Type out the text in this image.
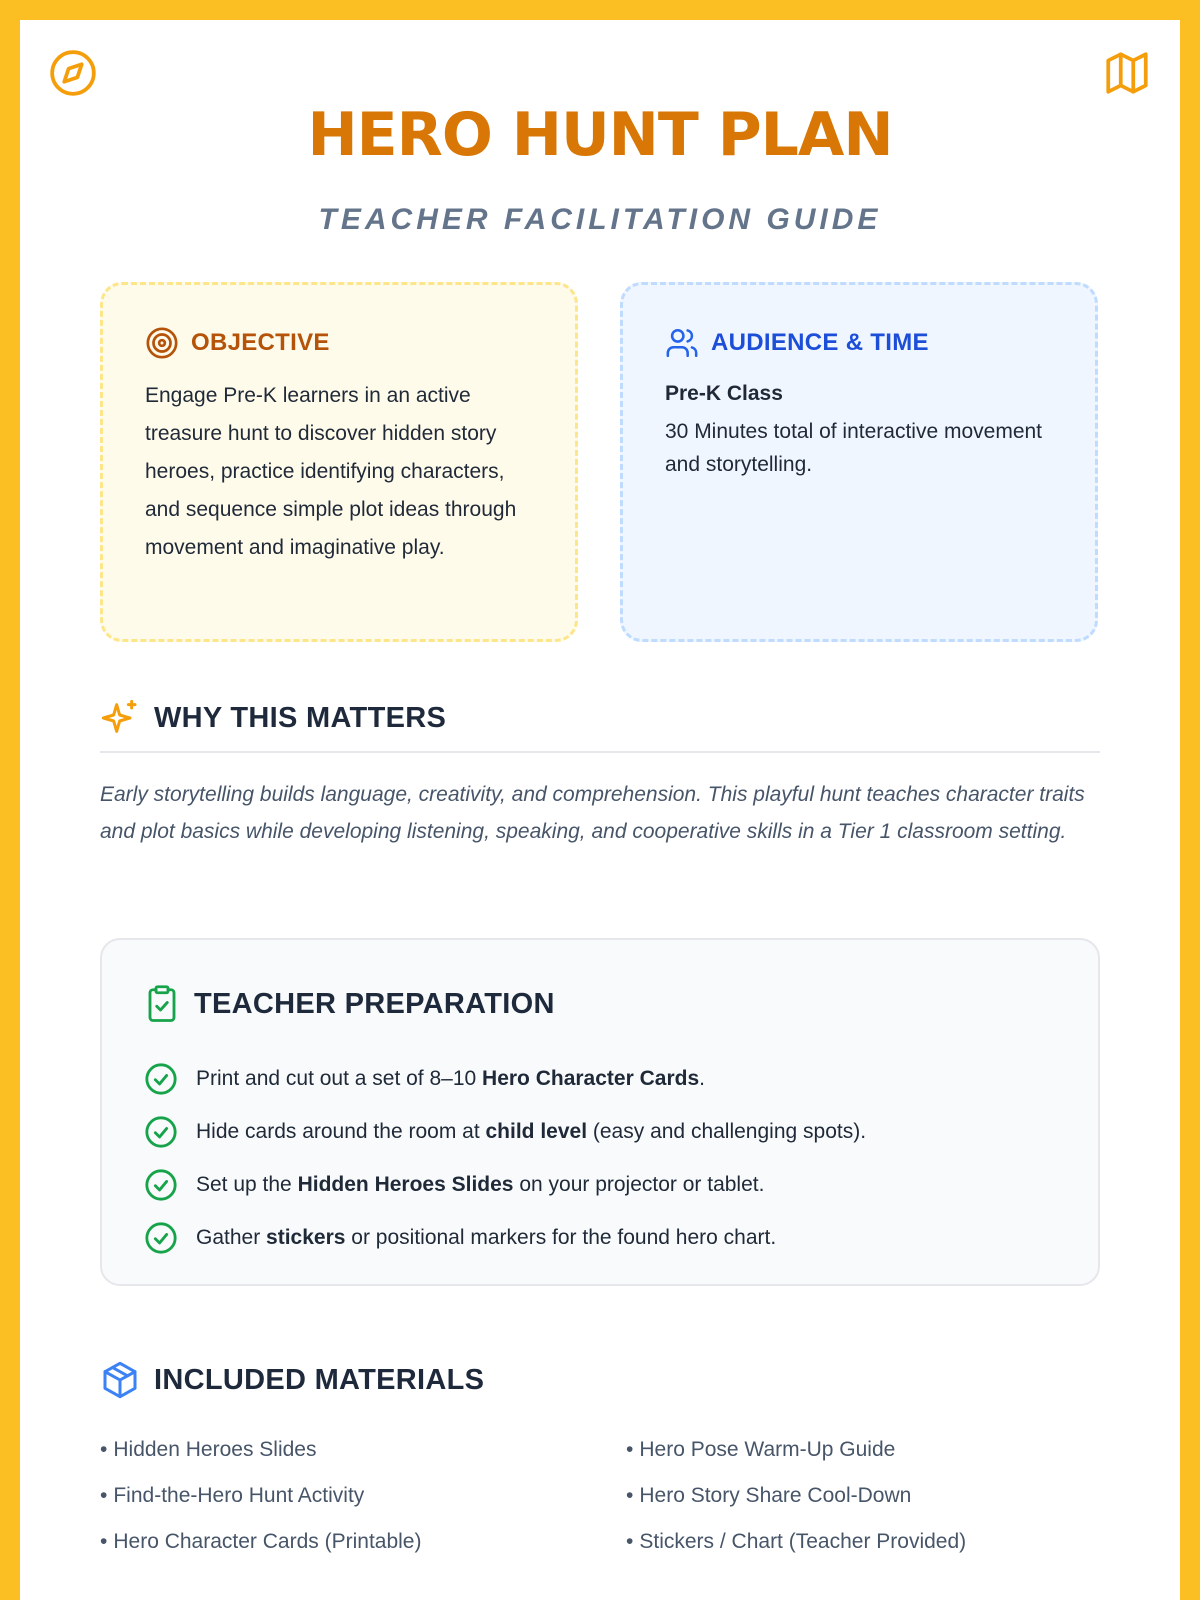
HERO HUNT PLAN
TEACHER FACILITATION GUIDE
OBJECTIVE

Engage Pre-K learners in an active treasure hunt to discover hidden story heroes, practice identifying characters, and sequence simple plot ideas through movement and imaginative play.

AUDIENCE & TIME

Pre-K Class

30 Minutes total of interactive movement and storytelling.

WHY THIS MATTERS

Early storytelling builds language, creativity, and comprehension. This playful hunt teaches character traits and plot basics while developing listening, speaking, and cooperative skills in a Tier 1 classroom setting.

TEACHER PREPARATION
Print and cut out a set of 8–10 Hero Character Cards.
Hide cards around the room at child level (easy and challenging spots).
Set up the Hidden Heroes Slides on your projector or tablet.
Gather stickers or positional markers for the found hero chart.
INCLUDED MATERIALS
• Hidden Heroes Slides	• Hero Pose Warm-Up Guide
• Find-the-Hero Hunt Activity	• Hero Story Share Cool-Down
• Hero Character Cards (Printable)	• Stickers / Chart (Teacher Provided)
